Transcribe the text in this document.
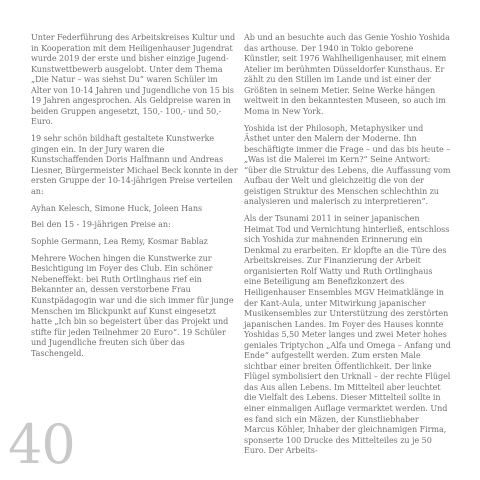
Unter Federführung des Arbeitskreises Kultur und in Kooperation mit dem Heiligenhauser Jugendrat wurde 2019 der erste und bisher einzige Jugend-Kunstwettbewerb ausgelobt. Unter dem Thema „Die Natur – was siehst Du“ waren Schüler im Alter von 10-14 Jahren und Jugendliche von 15 bis 19 Jahren angesprochen. Als Geldpreise waren in beiden Gruppen angesetzt, 150,- 100,- und 50,- Euro.

19 sehr schön bildhaft gestaltete Kunstwerke gingen ein. In der Jury waren die Kunstschaffenden Doris Halfmann und Andreas Liesner, Bürgermeister Michael Beck konnte in der ersten Gruppe der 10-14-jährigen Preise verteilen an:

Ayhan Kelesch, Simone Huck, Joleen Hans

Bei den 15 - 19-jährigen Preise an:

Sophie Germann, Lea Remy, Kosmar Bablaz

Mehrere Wochen hingen die Kunstwerke zur Besichtigung im Foyer des Club. Ein schöner Nebeneffekt: bei Ruth Ortlinghaus rief ein Bekannter an, dessen verstorbene Frau Kunstpädagogin war und die sich immer für junge Menschen im Blickpunkt auf Kunst eingesetzt hatte „Ich bin so begeistert über das Projekt und stifte für jeden Teilnehmer 20 Euro“. 19 Schüler und Jugendliche freuten sich über das Taschengeld.

Ab und an besuchte auch das Genie Yoshio Yoshida das arthouse. Der 1940 in Tokio geborene Künstler, seit 1976 Wahlheiligenhauser, mit einem Atelier im berühmten Düsseldorfer Kunsthaus. Er zählt zu den Stillen im Lande und ist einer der Größten in seinem Metier. Seine Werke hängen weltweit in den bekanntesten Museen, so auch im Moma in New York.

Yoshida ist der Philosoph, Metaphysiker und Ästhet unter den Malern der Moderne. Ihn beschäftigte immer die Frage – und das bis heute – „Was ist die Malerei im Kern?“ Seine Antwort: “über die Struktur des Lebens, die Auffassung vom Aufbau der Welt und gleichzeitig die von der geistigen Struktur des Menschen schlechthin zu analysieren und malerisch zu interpretieren”.

Als der Tsunami 2011 in seiner japanischen Heimat Tod und Vernichtung hinterließ, entschloss sich Yoshida zur mahnenden Erinnerung ein Denkmal zu erarbeiten. Er klopfte an die Türe des Arbeitskreises. Zur Finanzierung der Arbeit organisierten Rolf Watty und Ruth Ortlinghaus eine Beteiligung am Benefizkonzert des Heiligenhauser Ensembles MGV Heimatklänge in der Kant-Aula, unter Mitwirkung japanischer Musikensembles zur Unterstützung des zerstörten japanischen Landes. Im Foyer des Hauses konnte Yoshidas 5,50 Meter langes und zwei Meter hohes geniales Triptychon „Alfa und Omega – Anfang und Ende“ aufgestellt werden. Zum ersten Male sichtbar einer breiten Öffentlichkeit. Der linke Flügel symbolisiert den Urknall – der rechte Flügel das Aus allen Lebens. Im Mittelteil aber leuchtet die Vielfalt des Lebens. Dieser Mittelteil sollte in einer einmaligen Auflage vermarktet werden. Und es fand sich ein Mäzen, der Kunstliebhaber Marcus Köhler, Inhaber der gleichnamigen Firma, sponserte 100 Drucke des Mittelteiles zu je 50 Euro. Der Arbeits-

40
